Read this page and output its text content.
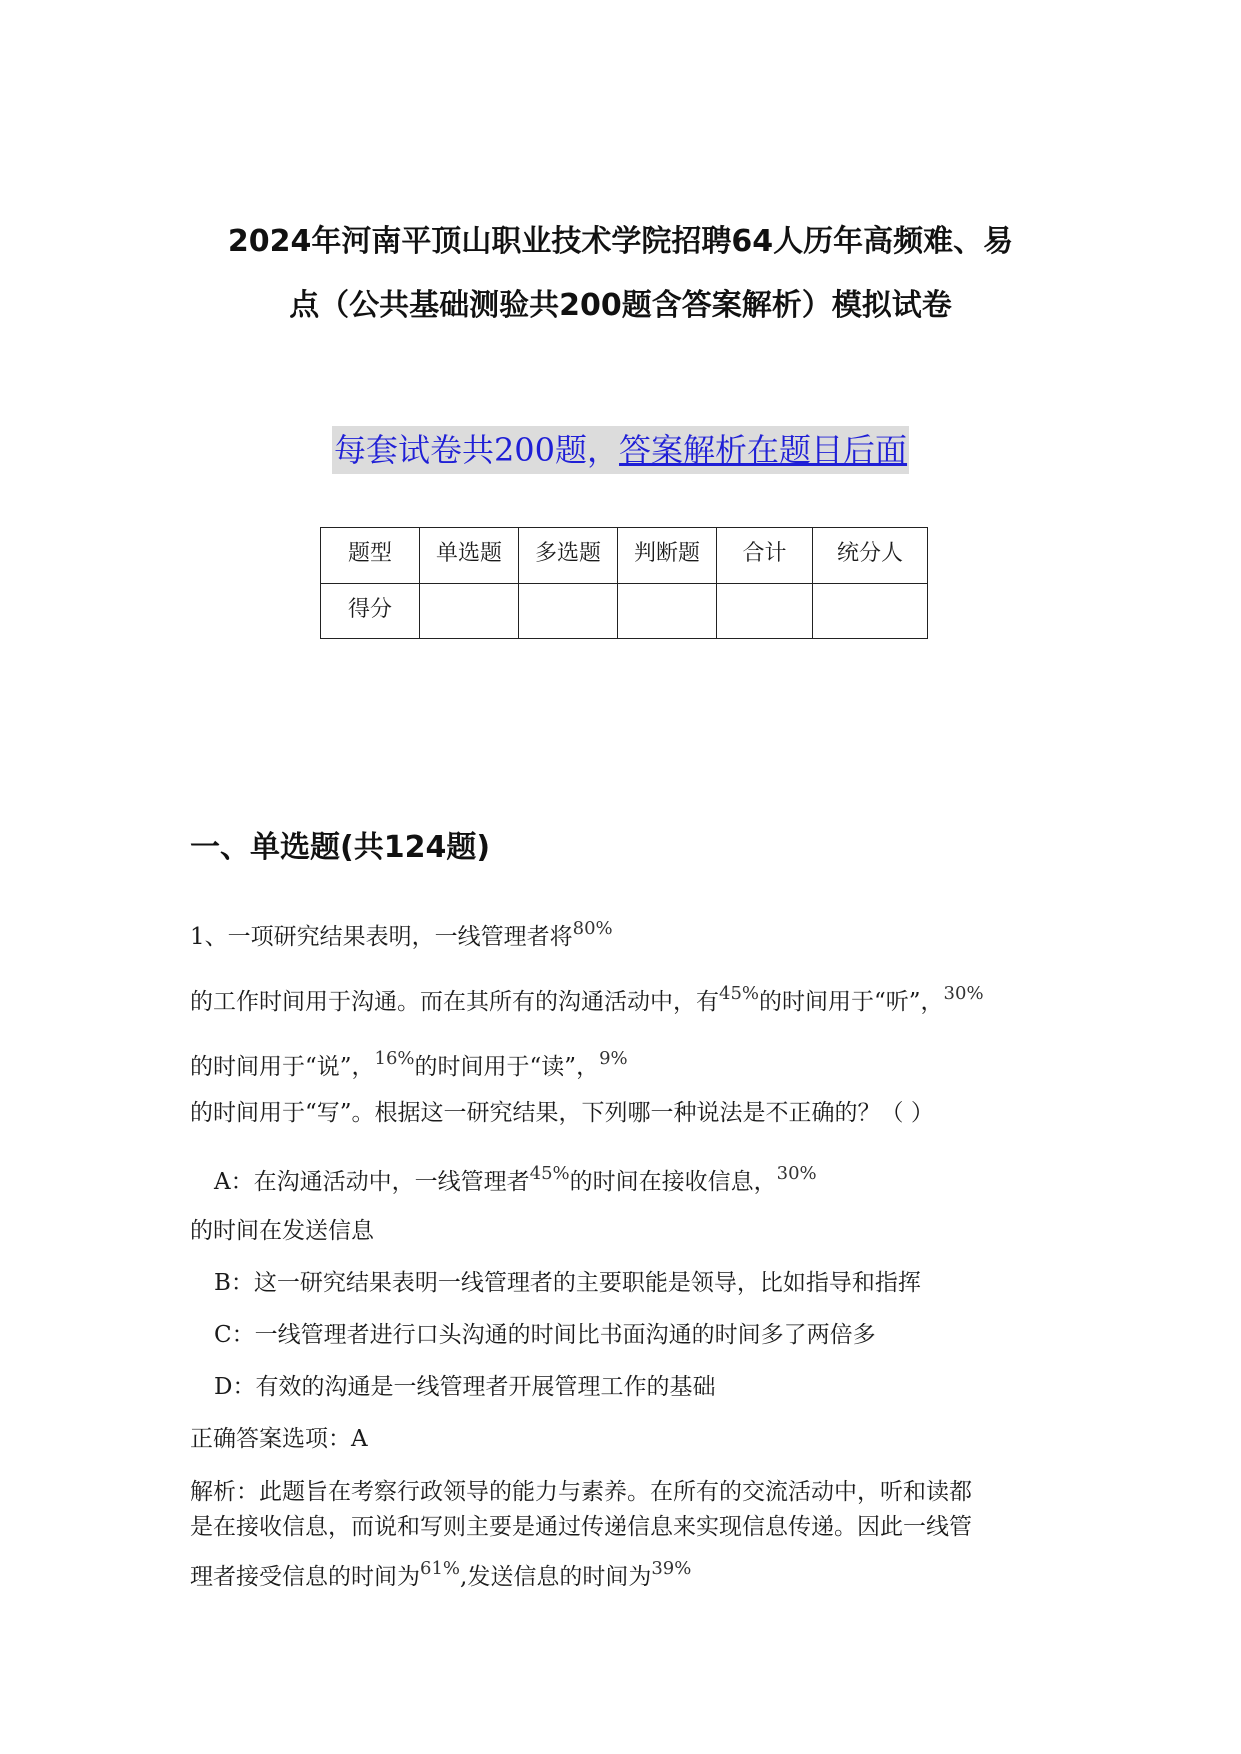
2024年河南平顶山职业技术学院招聘64人历年高频难、易
点（公共基础测验共200题含答案解析）模拟试卷
每套试卷共200题，答案解析在题目后面
题型	单选题	多选题	判断题	合计	统分人
得分					
一、单选题(共124题)
1、一项研究结果表明，一线管理者将$^{80\%}$
的工作时间用于沟通。而在其所有的沟通活动中，有$^{45\%}$的时间用于“听”，$^{30\%}$
的时间用于“说”，$^{16\%}$的时间用于“读”，$^{9\%}$
的时间用于“写”。根据这一研究结果，下列哪一种说法是不正确的？（ ）
A：在沟通活动中，一线管理者$^{45\%}$的时间在接收信息，$^{30\%}$
的时间在发送信息
B：这一研究结果表明一线管理者的主要职能是领导，比如指导和指挥
C：一线管理者进行口头沟通的时间比书面沟通的时间多了两倍多
D：有效的沟通是一线管理者开展管理工作的基础
正确答案选项：A
解析：此题旨在考察行政领导的能力与素养。在所有的交流活动中，听和读都
是在接收信息，而说和写则主要是通过传递信息来实现信息传递。因此一线管
理者接受信息的时间为$^{61\%}$,发送信息的时间为$^{39\%}$
